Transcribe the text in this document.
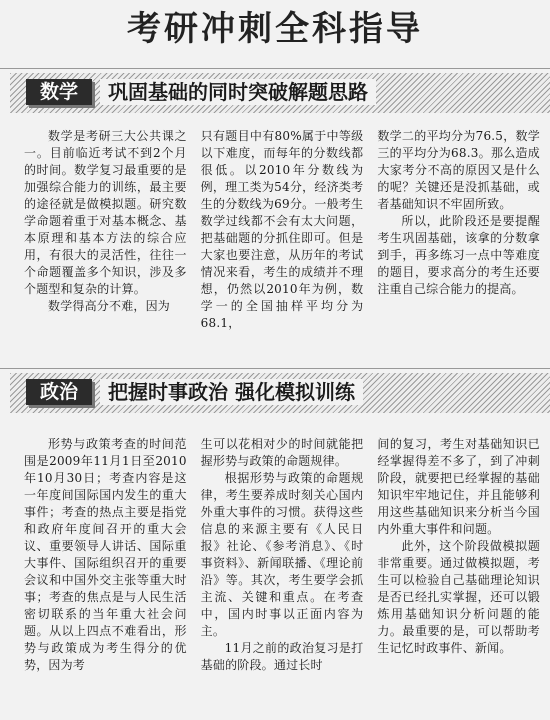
考研冲刺全科指导
数学	巩固基础的同时突破解题思路

数学是考研三大公共课之一。目前临近考试不到2个月的时间。数学复习最重要的是加强综合能力的训练，最主要的途径就是做模拟题。研究数学命题着重于对基本概念、基本原理和基本方法的综合应用，有很大的灵活性，往往一个命题覆盖多个知识，涉及多个题型和复杂的计算。

数学得高分不难，因为

只有题目中有80%属于中等级以下难度，而每年的分数线都很低。以2010年分数线为例，理工类为54分，经济类考生的分数线为69分。一般考生数学过线都不会有太大问题，把基础题的分抓住即可。但是大家也要注意，从历年的考试情况来看，考生的成绩并不理想，仍然以2010年为例，数学一的全国抽样平均分为68.1，

数学二的平均分为76.5，数学三的平均分为68.3。那么造成大家考分不高的原因又是什么的呢？关键还是没抓基础，或者基础知识不牢固所致。

所以，此阶段还是要提醒考生巩固基础，该拿的分数拿到手，再多练习一点中等难度的题目，要求高分的考生还要注重自己综合能力的提高。

政治	把握时事政治 强化模拟训练

形势与政策考查的时间范围是2009年11月1日至2010年10月30日；考查内容是这一年度间国际国内发生的重大事件；考查的热点主要是指党和政府年度间召开的重大会议、重要领导人讲话、国际重大事件、国际组织召开的重要会议和中国外交主张等重大时事；考查的焦点是与人民生活密切联系的当年重大社会问题。从以上四点不难看出，形势与政策成为考生得分的优势，因为考

生可以花相对少的时间就能把握形势与政策的命题规律。

根据形势与政策的命题规律，考生要养成时刻关心国内外重大事件的习惯。获得这些信息的来源主要有《人民日报》社论、《参考消息》、《时事资料》、新闻联播、《理论前沿》等。其次，考生要学会抓主流、关键和重点。在考查中，国内时事以正面内容为主。

11月之前的政治复习是打基础的阶段。通过长时

间的复习，考生对基础知识已经掌握得差不多了，到了冲刺阶段，就要把已经掌握的基础知识牢牢地记住，并且能够利用这些基础知识来分析当今国内外重大事件和问题。

此外，这个阶段做模拟题非常重要。通过做模拟题，考生可以检验自己基础理论知识是否已经扎实掌握，还可以锻炼用基础知识分析问题的能力。最重要的是，可以帮助考生记忆时政事件、新闻。
